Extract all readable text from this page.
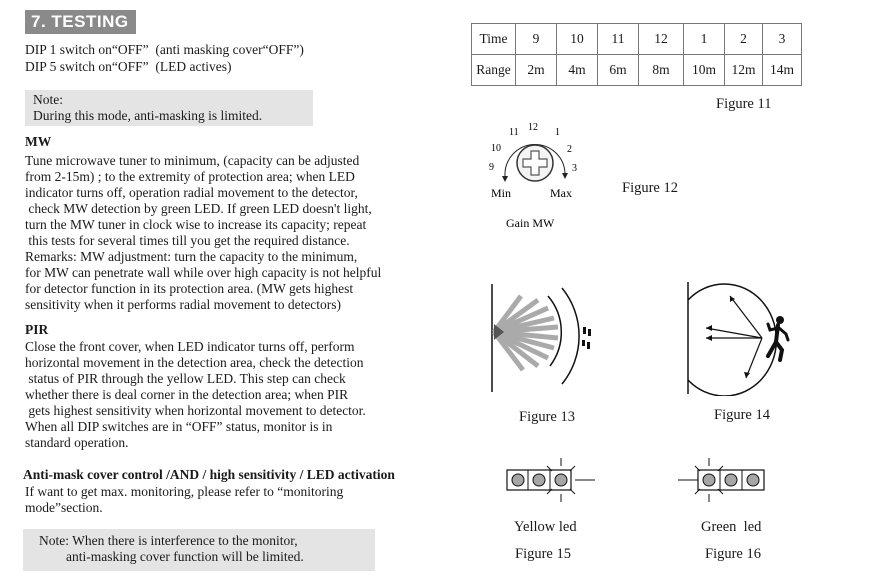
7. TESTING
DIP 1 switch on“OFF”  (anti masking cover“OFF”)
DIP 5 switch on“OFF”  (LED actives)
Note:
During this mode, anti-masking is limited.
MW
Tune microwave tuner to minimum, (capacity can be adjusted
from 2-15m) ; to the extremity of protection area; when LED
indicator turns off, operation radial movement to the detector,
check MW detection by green LED. If green LED doesn't light,
turn the MW tuner in clock wise to increase its capacity; repeat
this tests for several times till you get the required distance.
Remarks: MW adjustment: turn the capacity to the minimum,
for MW can penetrate wall while over high capacity is not helpful
for detector function in its protection area. (MW gets highest
sensitivity when it performs radial movement to detectors)
PIR
Close the front cover, when LED indicator turns off, perform
horizontal movement in the detection area, check the detection
status of PIR through the yellow LED. This step can check
whether there is deal corner in the detection area; when PIR
gets highest sensitivity when horizontal movement to detector.
When all DIP switches are in “OFF” status, monitor is in
standard operation.
Anti-mask cover control /AND / high sensitivity / LED activation
If want to get max. monitoring, please refer to “monitoring
mode”section.
Note: When there is interference to the monitor,
anti-masking cover function will be limited.
Time	9	10	11	12	1	2	3
Range	2m	4m	6m	8m	10m	12m	14m
Figure 11
11 12 1
10	2
9	3
Min	Max
Gain MW
Figure 12
Figure 13	Figure 14
Yellow led
Figure 15
Green  led
Figure 16
